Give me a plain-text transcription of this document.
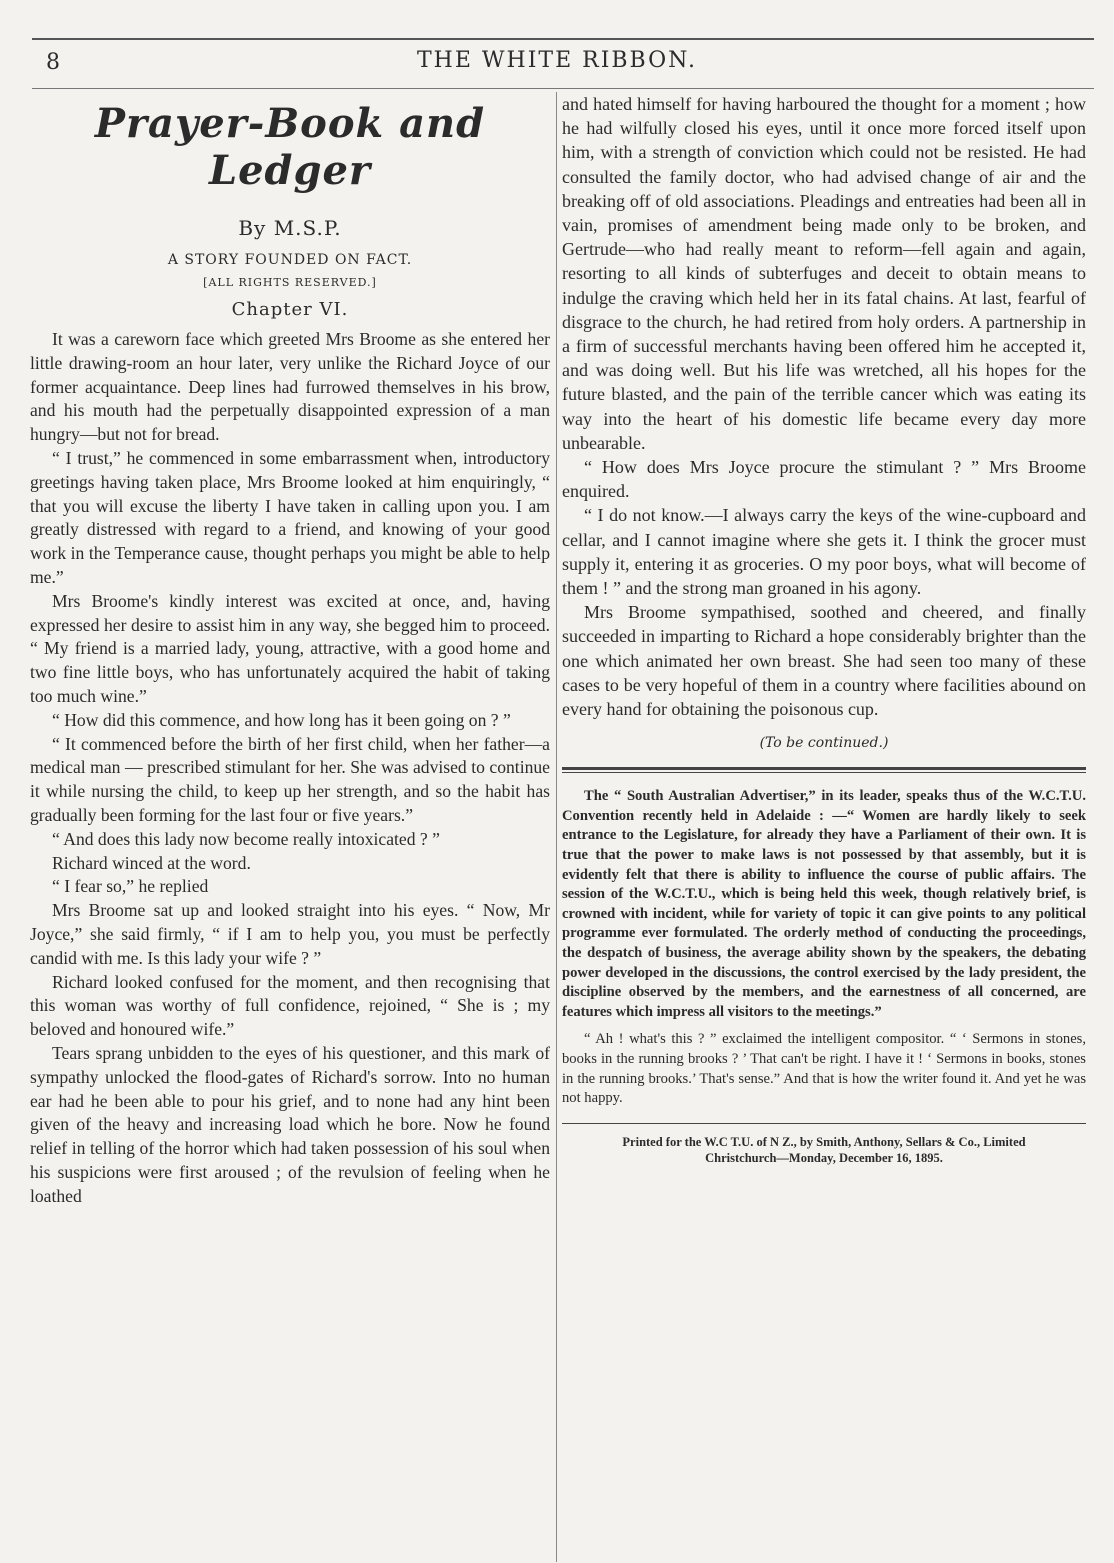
8	THE WHITE RIBBON.
Prayer-Book and Ledger
By M.S.P.
A STORY FOUNDED ON FACT.
[ALL RIGHTS RESERVED.]
Chapter VI.

It was a careworn face which greeted Mrs Broome as she entered her little drawing-room an hour later, very unlike the Richard Joyce of our former acquaintance. Deep lines had furrowed themselves in his brow, and his mouth had the perpetually disappointed expression of a man hungry—but not for bread.

“ I trust,” he commenced in some embarrassment when, introductory greetings having taken place, Mrs Broome looked at him enquiringly, “ that you will excuse the liberty I have taken in calling upon you. I am greatly distressed with regard to a friend, and knowing of your good work in the Temperance cause, thought perhaps you might be able to help me.”

Mrs Broome's kindly interest was excited at once, and, having expressed her desire to assist him in any way, she begged him to proceed. “ My friend is a married lady, young, attractive, with a good home and two fine little boys, who has unfortunately acquired the habit of taking too much wine.”

“ How did this commence, and how long has it been going on ? ”

“ It commenced before the birth of her first child, when her father—a medical man — prescribed stimulant for her. She was advised to continue it while nursing the child, to keep up her strength, and so the habit has gradually been forming for the last four or five years.”

“ And does this lady now become really intoxicated ? ”

Richard winced at the word.

“ I fear so,” he replied

Mrs Broome sat up and looked straight into his eyes. “ Now, Mr Joyce,” she said firmly, “ if I am to help you, you must be perfectly candid with me. Is this lady your wife ? ”

Richard looked confused for the moment, and then recognising that this woman was worthy of full confidence, rejoined, “ She is ; my beloved and honoured wife.”

Tears sprang unbidden to the eyes of his questioner, and this mark of sympathy unlocked the flood-gates of Richard's sorrow. Into no human ear had he been able to pour his grief, and to none had any hint been given of the heavy and increasing load which he bore. Now he found relief in telling of the horror which had taken possession of his soul when his suspicions were first aroused ; of the revulsion of feeling when he loathed

and hated himself for having harboured the thought for a moment ; how he had wilfully closed his eyes, until it once more forced itself upon him, with a strength of conviction which could not be resisted. He had consulted the family doctor, who had advised change of air and the breaking off of old associations. Pleadings and entreaties had been all in vain, promises of amendment being made only to be broken, and Gertrude—who had really meant to reform—fell again and again, resorting to all kinds of subterfuges and deceit to obtain means to indulge the craving which held her in its fatal chains. At last, fearful of disgrace to the church, he had retired from holy orders. A partnership in a firm of successful merchants having been offered him he accepted it, and was doing well. But his life was wretched, all his hopes for the future blasted, and the pain of the terrible cancer which was eating its way into the heart of his domestic life became every day more unbearable.

“ How does Mrs Joyce procure the stimulant ? ” Mrs Broome enquired.

“ I do not know.—I always carry the keys of the wine-cupboard and cellar, and I cannot imagine where she gets it. I think the grocer must supply it, entering it as groceries. O my poor boys, what will become of them ! ” and the strong man groaned in his agony.

Mrs Broome sympathised, soothed and cheered, and finally succeeded in imparting to Richard a hope considerably brighter than the one which animated her own breast. She had seen too many of these cases to be very hopeful of them in a country where facilities abound on every hand for obtaining the poisonous cup.

(To be continued.)

The “ South Australian Advertiser,” in its leader, speaks thus of the W.C.T.U. Convention recently held in Adelaide : —“ Women are hardly likely to seek entrance to the Legislature, for already they have a Parliament of their own. It is true that the power to make laws is not possessed by that assembly, but it is evidently felt that there is ability to influence the course of public affairs. The session of the W.C.T.U., which is being held this week, though relatively brief, is crowned with incident, while for variety of topic it can give points to any political programme ever formulated. The orderly method of conducting the proceedings, the despatch of business, the average ability shown by the speakers, the debating power developed in the discussions, the control exercised by the lady president, the discipline observed by the members, and the earnestness of all concerned, are features which impress all visitors to the meetings.”

“ Ah ! what's this ? ” exclaimed the intelligent compositor. “ ‘ Sermons in stones, books in the running brooks ? ’ That can't be right. I have it ! ‘ Sermons in books, stones in the running brooks.’ That's sense.” And that is how the writer found it. And yet he was not happy.

Printed for the W.C T.U. of N Z., by Smith, Anthony, Sellars & Co., Limited
Christchurch—Monday, December 16, 1895.
